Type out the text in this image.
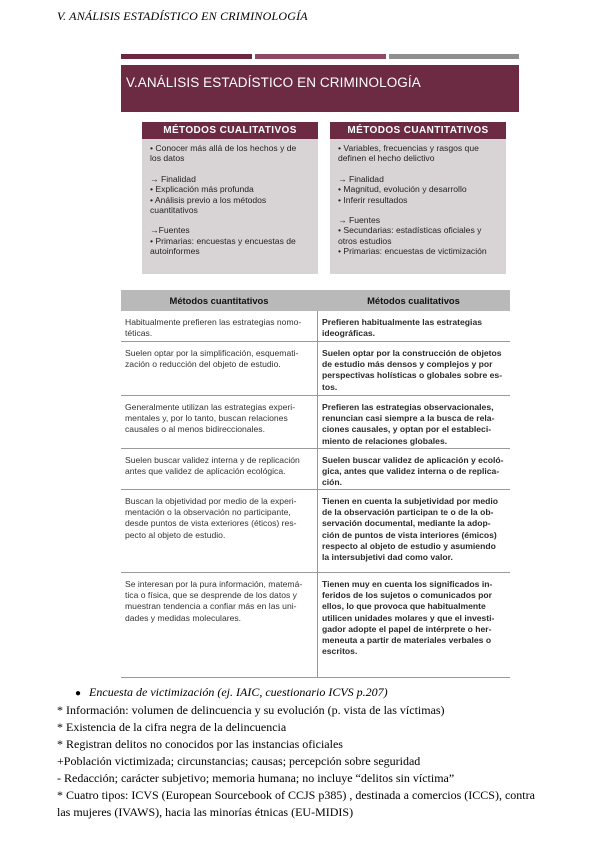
V. ANÁLISIS ESTADÍSTICO EN CRIMINOLOGÍA
V.ANÁLISIS ESTADÍSTICO EN CRIMINOLOGÍA
MÉTODOS CUALITATIVOS
• Conocer más allá de los hechos y de
los datos
→ Finalidad
• Explicación más profunda
• Análisis previo a los métodos
cuantitativos
→Fuentes
• Primarias: encuestas y encuestas de
autoinformes
MÉTODOS CUANTITATIVOS
• Variables, frecuencias y rasgos que
definen el hecho delictivo
→ Finalidad
• Magnitud, evolución y desarrollo
• Inferir resultados
→ Fuentes
• Secundarias: estadísticas oficiales y
otros estudios
• Primarias: encuestas de victimización
Métodos cuantitativos	Métodos cualitativos
Habitualmente prefieren las estrategias nomo-
téticas.
Prefieren habitualmente las estrategias
ideográficas.
Suelen optar por la simplificación, esquemati-
zación o reducción del objeto de estudio.
Suelen optar por la construcción de objetos
de estudio más densos y complejos y por
perspectivas holísticas o globales sobre es-
tos.
Generalmente utilizan las estrategias experi-
mentales y, por lo tanto, buscan relaciones
causales o al menos bidireccionales.
Prefieren las estrategias observacionales,
renuncian casi siempre a la busca de rela-
ciones causales, y optan por el estableci-
miento de relaciones globales.
Suelen buscar validez interna y de replicación
antes que validez de aplicación ecológica.
Suelen buscar validez de aplicación y ecoló-
gica, antes que validez interna o de replica-
ción.
Buscan la objetividad por medio de la experi-
mentación o la observación no participante,
desde puntos de vista exteriores (éticos) res-
pecto al objeto de estudio.
Tienen en cuenta la subjetividad por medio
de la observación participan te o de la ob-
servación documental, mediante la adop-
ción de puntos de vista interiores (émicos)
respecto al objeto de estudio y asumiendo
la intersubjetivi dad como valor.
Se interesan por la pura información, matemá-
tica o física, que se desprende de los datos y
muestran tendencia a confiar más en las uni-
dades y medidas moleculares.
Tienen muy en cuenta los significados in-
feridos de los sujetos o comunicados por
ellos, lo que provoca que habitualmente
utilicen unidades molares y que el investi-
gador adopte el papel de intérprete o her-
meneuta a partir de materiales verbales o
escritos.
● Encuesta de victimización (ej. IAIC, cuestionario ICVS p.207)
* Información: volumen de delincuencia y su evolución (p. vista de las víctimas)
* Existencia de la cifra negra de la delincuencia
* Registran delitos no conocidos por las instancias oficiales
+Población victimizada; circunstancias; causas; percepción sobre seguridad
- Redacción; carácter subjetivo; memoria humana; no incluye “delitos sin víctima”
* Cuatro tipos: ICVS (European Sourcebook of CCJS p385) , destinada a comercios (ICCS), contra
las mujeres (IVAWS), hacia las minorías étnicas (EU-MIDIS)
